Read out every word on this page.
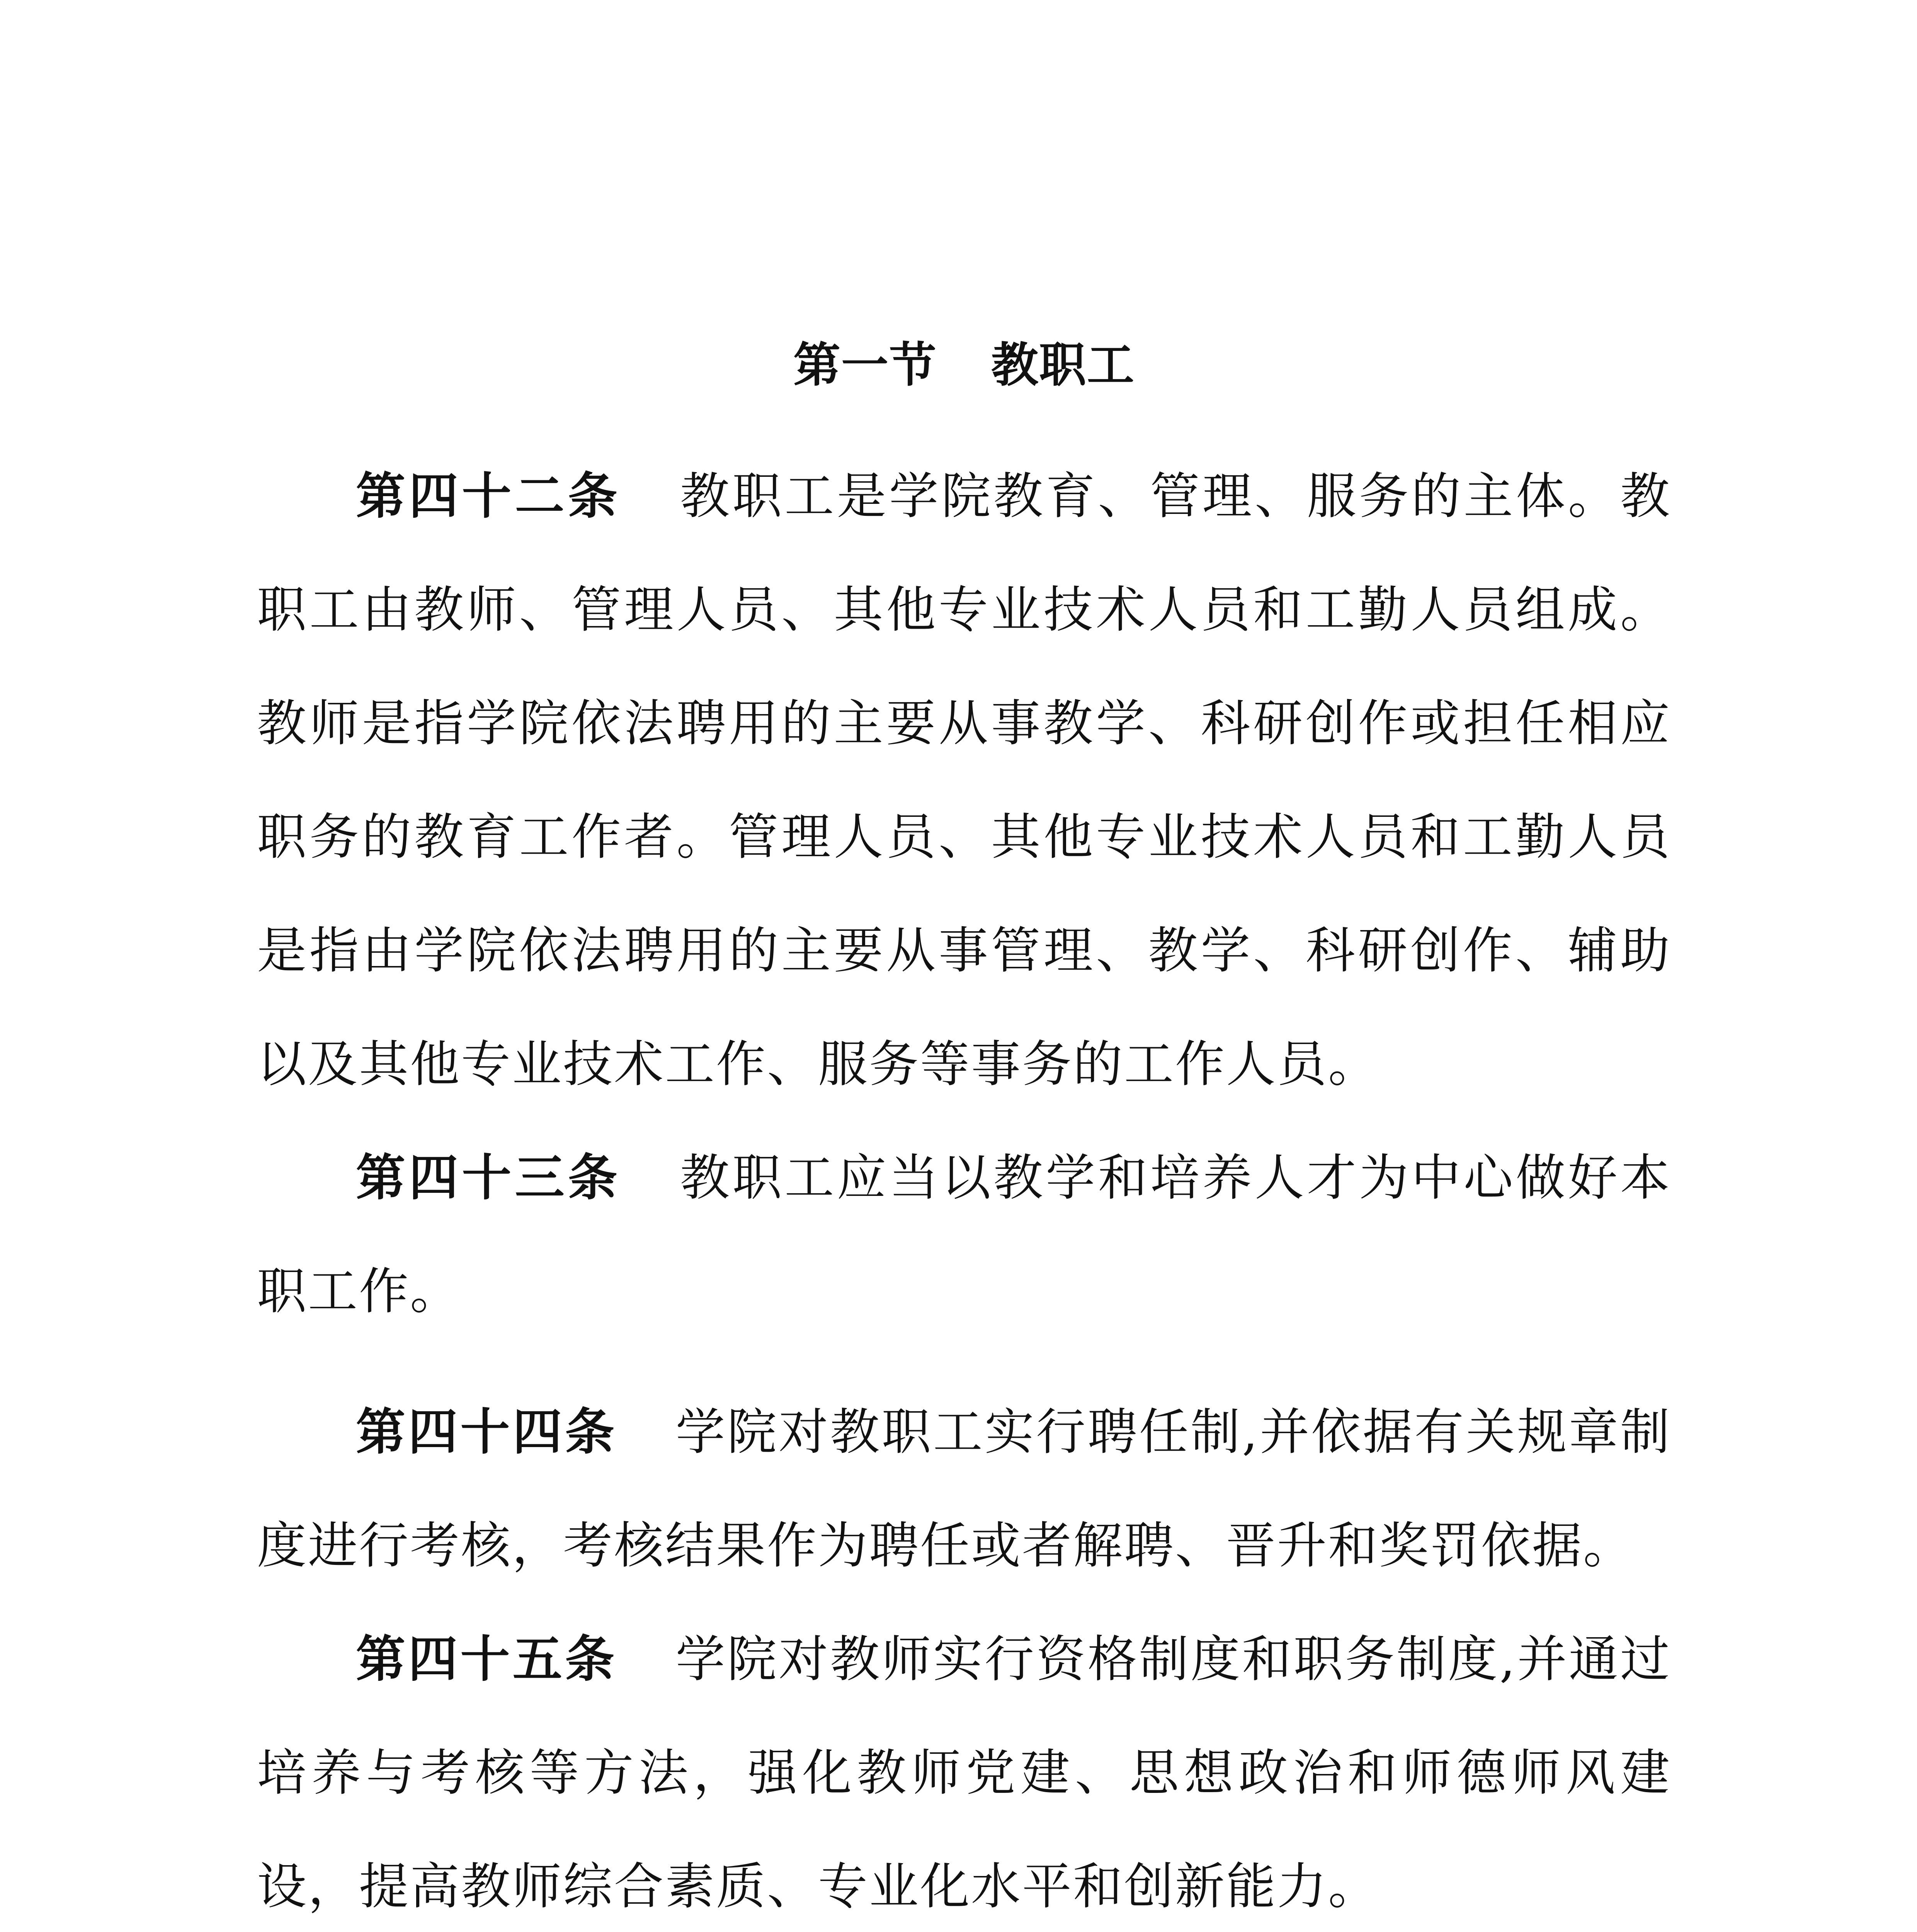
第一节 教职工

第四十二条 教职工是学院教育、管理、服务的主体。教职工由教师、管理人员、其他专业技术人员和工勤人员组成。教师是指学院依法聘用的主要从事教学、科研创作或担任相应职务的教育工作者。管理人员、其他专业技术人员和工勤人员是指由学院依法聘用的主要从事管理、教学、科研创作、辅助以及其他专业技术工作、服务等事务的工作人员。

第四十三条 教职工应当以教学和培养人才为中心做好本职工作。

第四十四条 学院对教职工实行聘任制,并依据有关规章制度进行考核，考核结果作为聘任或者解聘、晋升和奖罚依据。

第四十五条 学院对教师实行资格制度和职务制度,并通过培养与考核等方法，强化教师党建、思想政治和师德师风建设，提高教师综合素质、专业化水平和创新能力。
